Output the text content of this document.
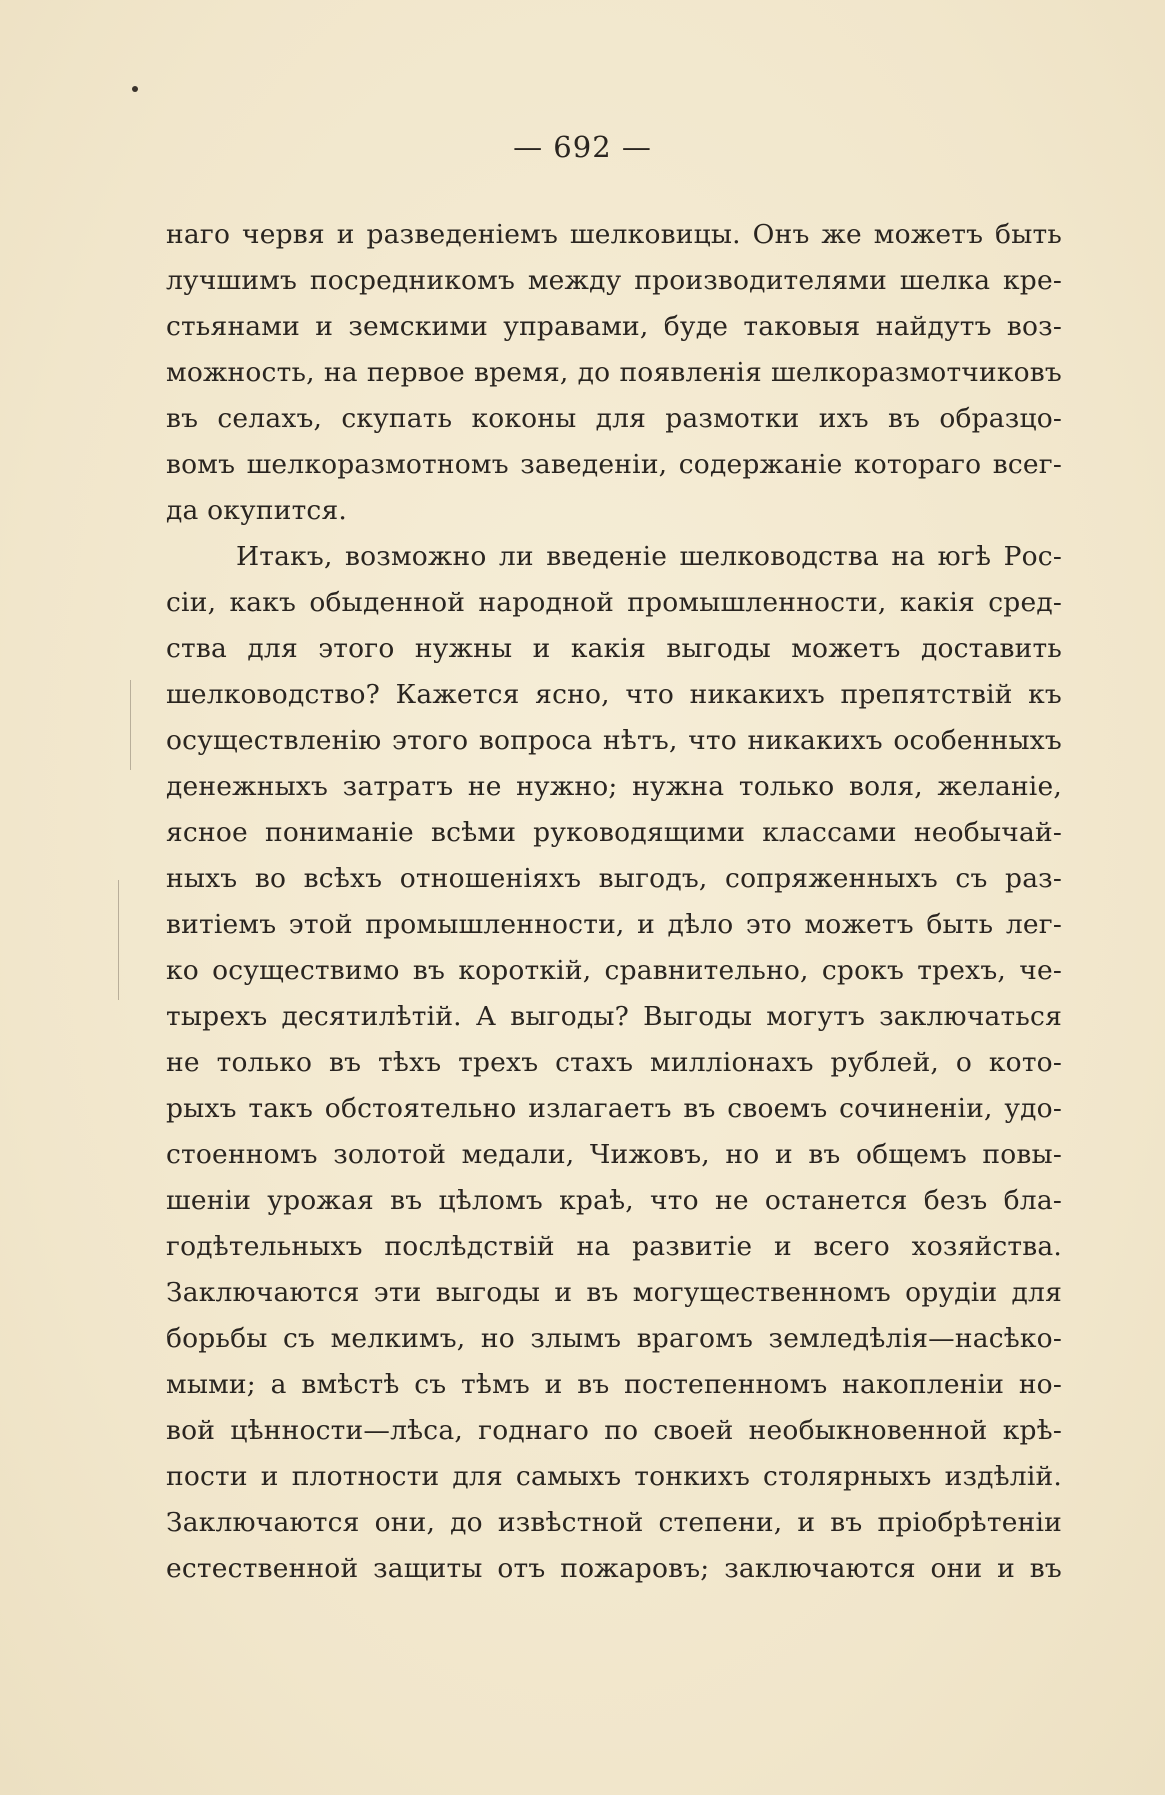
— 692 —
наго червя и разведеніемъ шелковицы. Онъ же можетъ быть
лучшимъ посредникомъ между производителями шелка кре-
стьянами и земскими управами, буде таковыя найдутъ воз-
можность, на первое время, до появленія шелкоразмотчиковъ
въ селахъ, скупать коконы для размотки ихъ въ образцо-
вомъ шелкоразмотномъ заведеніи, содержаніе котораго всег-
да окупится.
Итакъ, возможно ли введеніе шелководства на югѣ Рос-
сіи, какъ обыденной народной промышленности, какія сред-
ства для этого нужны и какія выгоды можетъ доставить
шелководство? Кажется ясно, что никакихъ препятствій къ
осуществленію этого вопроса нѣтъ, что никакихъ особенныхъ
денежныхъ затратъ не нужно; нужна только воля, желаніе,
ясное пониманіе всѣми руководящими классами необычай-
ныхъ во всѣхъ отношеніяхъ выгодъ, сопряженныхъ съ раз-
витіемъ этой промышленности, и дѣло это можетъ быть лег-
ко осуществимо въ короткій, сравнительно, срокъ трехъ, че-
тырехъ десятилѣтій. А выгоды? Выгоды могутъ заключаться
не только въ тѣхъ трехъ стахъ милліонахъ рублей, о кото-
рыхъ такъ обстоятельно излагаетъ въ своемъ сочиненіи, удо-
стоенномъ золотой медали, Чижовъ, но и въ общемъ повы-
шеніи урожая въ цѣломъ краѣ, что не останется безъ бла-
годѣтельныхъ послѣдствій на развитіе и всего хозяйства.
Заключаются эти выгоды и въ могущественномъ орудіи для
борьбы съ мелкимъ, но злымъ врагомъ земледѣлія—насѣко-
мыми; а вмѣстѣ съ тѣмъ и въ постепенномъ накопленіи но-
вой цѣнности—лѣса, годнаго по своей необыкновенной крѣ-
пости и плотности для самыхъ тонкихъ столярныхъ издѣлій.
Заключаются они, до извѣстной степени, и въ пріобрѣтеніи
естественной защиты отъ пожаровъ; заключаются они и въ
